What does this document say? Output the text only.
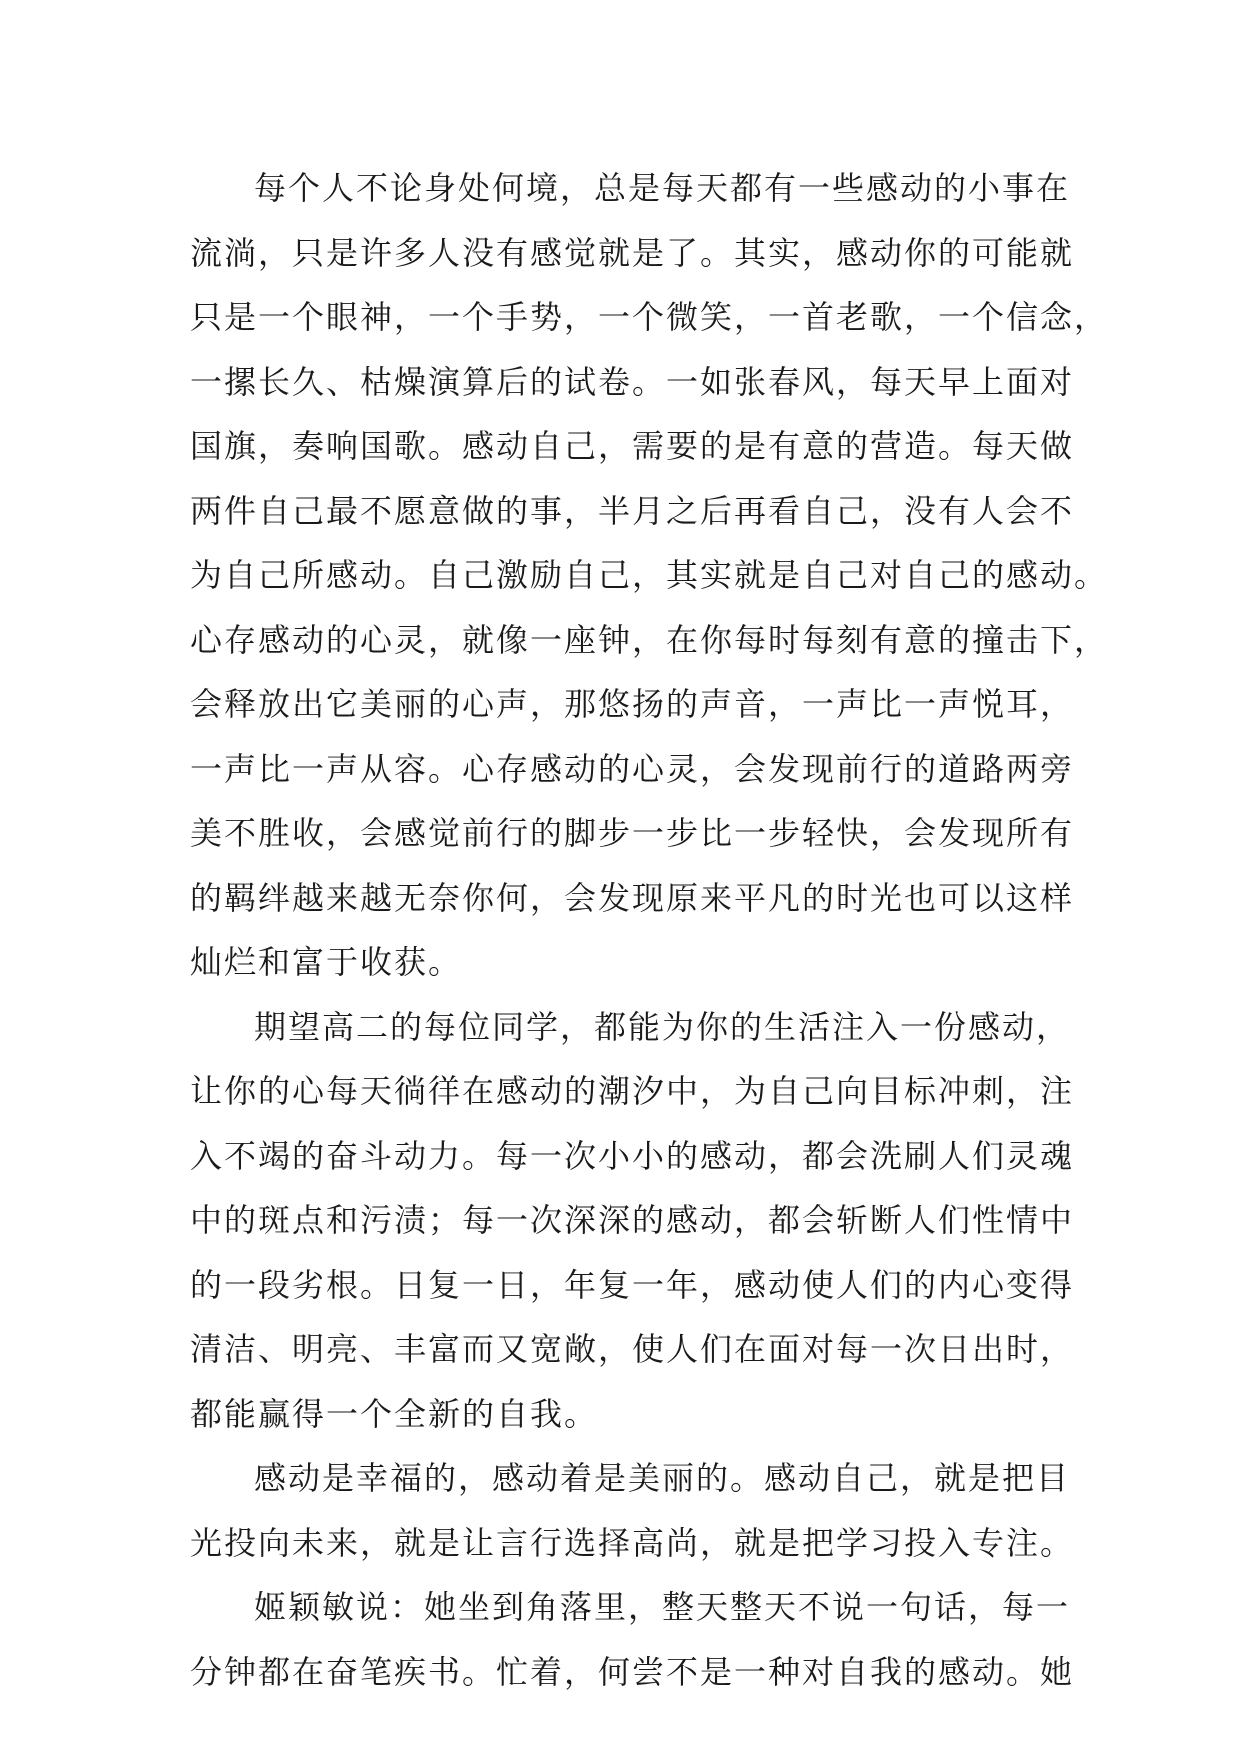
每个人不论身处何境，总是每天都有一些感动的小事在
流淌，只是许多人没有感觉就是了。其实，感动你的可能就
只是一个眼神，一个手势，一个微笑，一首老歌，一个信念，
一摞长久、枯燥演算后的试卷。一如张春风，每天早上面对
国旗，奏响国歌。感动自己，需要的是有意的营造。每天做
两件自己最不愿意做的事，半月之后再看自己，没有人会不
为自己所感动。自己激励自己，其实就是自己对自己的感动。
心存感动的心灵，就像一座钟，在你每时每刻有意的撞击下，
会释放出它美丽的心声，那悠扬的声音，一声比一声悦耳，
一声比一声从容。心存感动的心灵，会发现前行的道路两旁
美不胜收，会感觉前行的脚步一步比一步轻快，会发现所有
的羁绊越来越无奈你何，会发现原来平凡的时光也可以这样
灿烂和富于收获。
期望高二的每位同学，都能为你的生活注入一份感动，
让你的心每天徜徉在感动的潮汐中，为自己向目标冲刺，注
入不竭的奋斗动力。每一次小小的感动，都会洗刷人们灵魂
中的斑点和污渍；每一次深深的感动，都会斩断人们性情中
的一段劣根。日复一日，年复一年，感动使人们的内心变得
清洁、明亮、丰富而又宽敞，使人们在面对每一次日出时，
都能赢得一个全新的自我。
感动是幸福的，感动着是美丽的。感动自己，就是把目
光投向未来，就是让言行选择高尚，就是把学习投入专注。
姬颖敏说：她坐到角落里，整天整天不说一句话，每一
分钟都在奋笔疾书。忙着，何尝不是一种对自我的感动。她
